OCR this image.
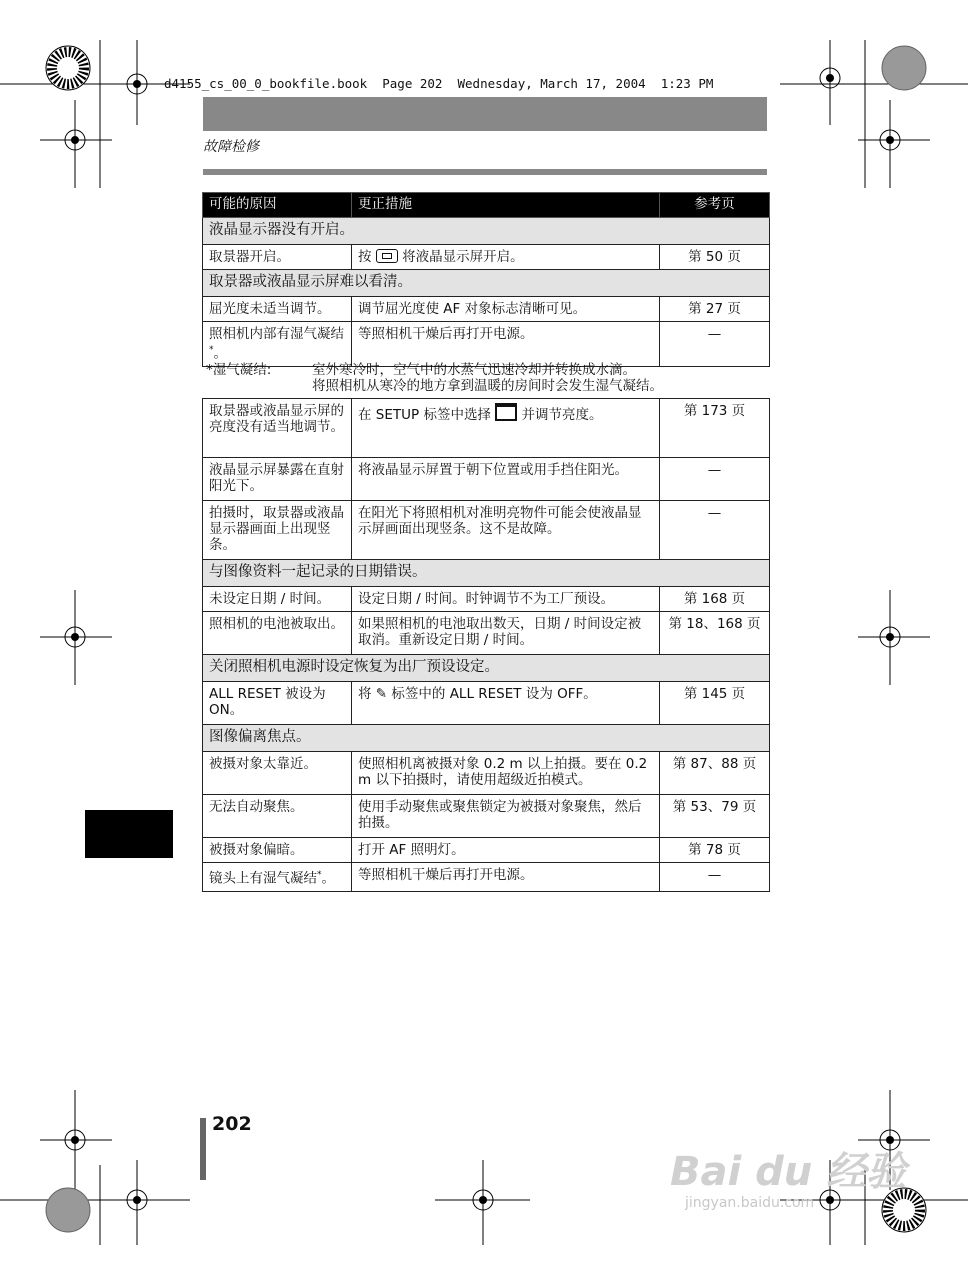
d4155_cs_00_0_bookfile.book  Page 202  Wednesday, March 17, 2004  1:23 PM
故障检修
可能的原因	更正措施	参考页
液晶显示器没有开启。		
取景器开启。	按 将液晶显示屏开启。	第 50 页
取景器或液晶显示屏难以看清。		
屈光度未适当调节。	调节屈光度使 AF 对象标志清晰可见。	第 27 页
照相机内部有湿气凝结*。	等照相机干燥后再打开电源。	—
*湿气凝结:	室外寒冷时，空气中的水蒸气迅速冷却并转换成水滴。
将照相机从寒冷的地方拿到温暖的房间时会发生湿气凝结。
取景器或液晶显示屏的亮度没有适当地调节。	在 SETUP 标签中选择 并调节亮度。	第 173 页
液晶显示屏暴露在直射阳光下。	将液晶显示屏置于朝下位置或用手挡住阳光。	—
拍摄时，取景器或液晶显示器画面上出现竖条。	在阳光下将照相机对准明亮物件可能会使液晶显示屏画面出现竖条。这不是故障。	—
与图像资料一起记录的日期错误。		
未设定日期 / 时间。	设定日期 / 时间。时钟调节不为工厂预设。	第 168 页
照相机的电池被取出。	如果照相机的电池取出数天，日期 / 时间设定被取消。重新设定日期 / 时间。	第 18、168 页
关闭照相机电源时设定恢复为出厂预设设定。		
ALL RESET 被设为 ON。	将 ✎ 标签中的 ALL RESET 设为 OFF。	第 145 页
图像偏离焦点。		
被摄对象太靠近。	使照相机离被摄对象 0.2 m 以上拍摄。要在 0.2 m 以下拍摄时，请使用超级近拍模式。	第 87、88 页
无法自动聚焦。	使用手动聚焦或聚焦锁定为被摄对象聚焦，然后拍摄。	第 53、79 页
被摄对象偏暗。	打开 AF 照明灯。	第 78 页
镜头上有湿气凝结*。	等照相机干燥后再打开电源。	—
202
Bai du 经验
jingyan.baidu.com
